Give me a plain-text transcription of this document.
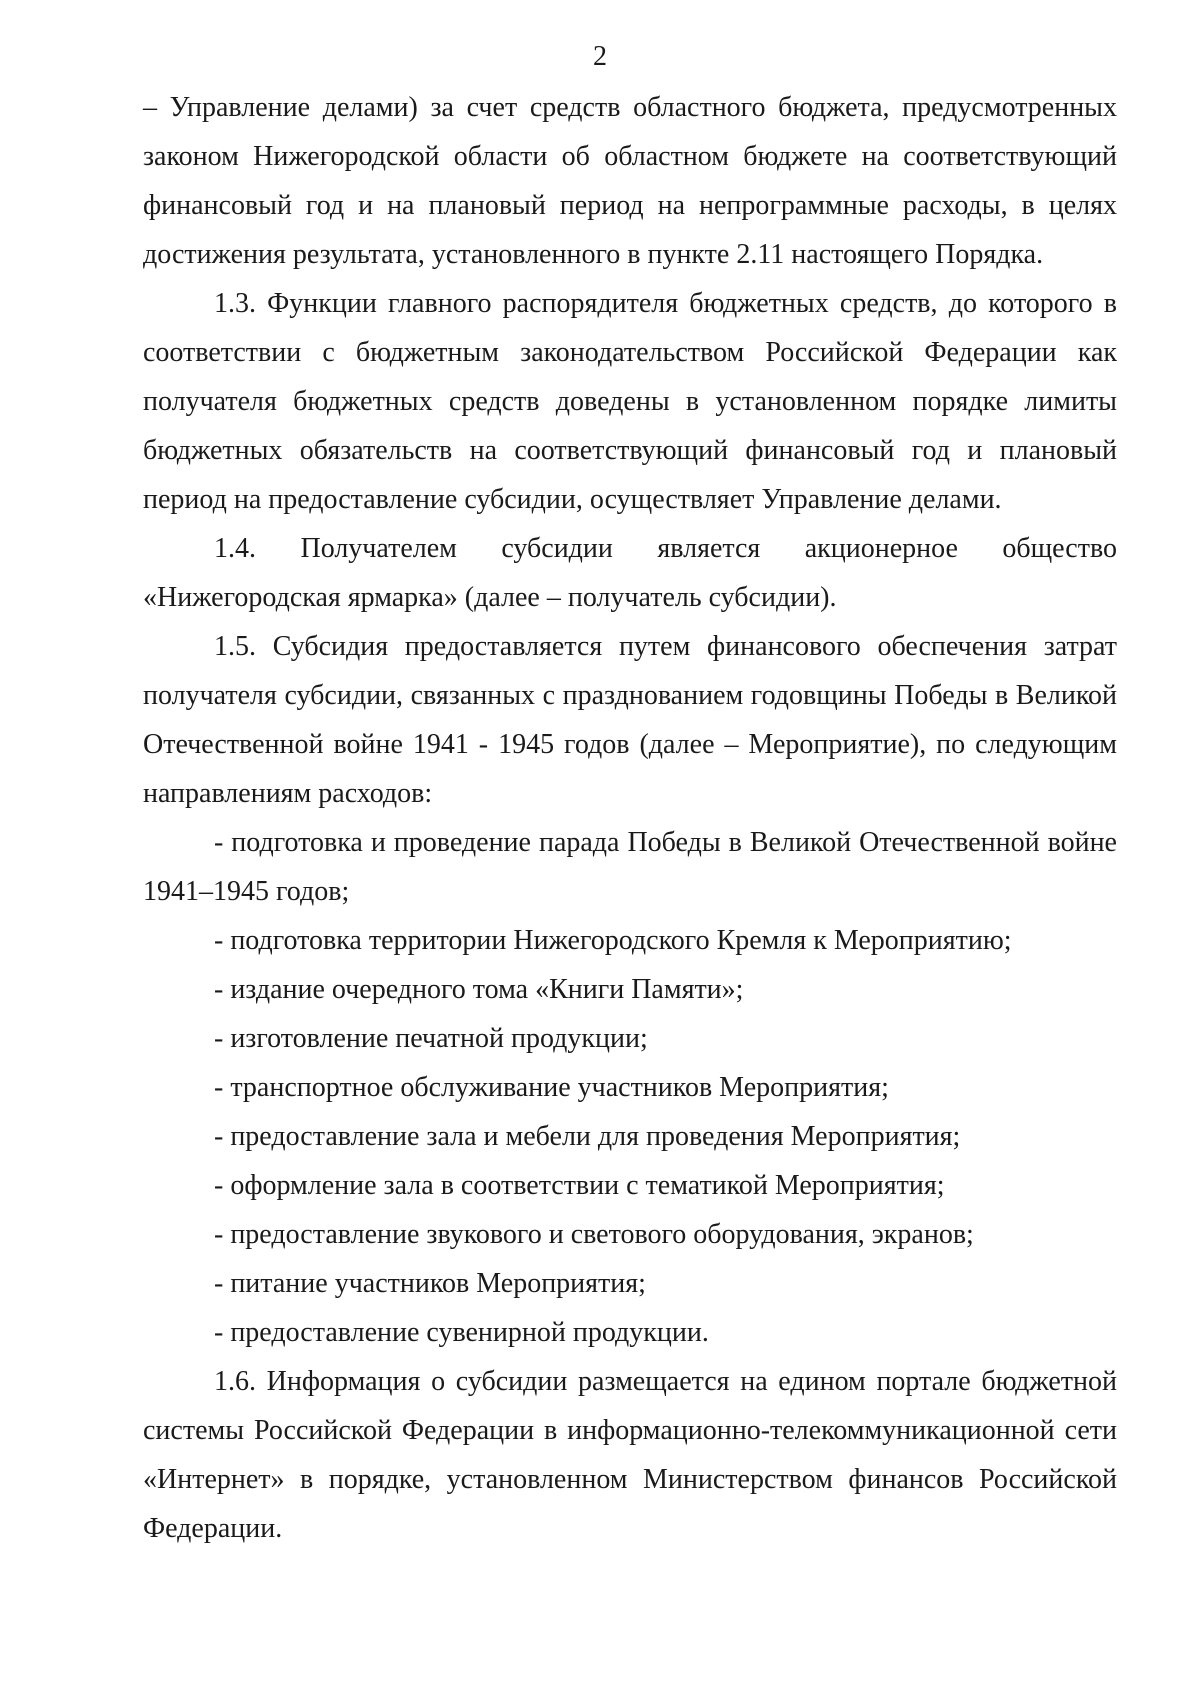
2

– Управление делами) за счет средств областного бюджета, предусмотренных законом Нижегородской области об областном бюджете на соответствующий финансовый год и на плановый период на непрограммные расходы, в целях достижения результата, установленного в пункте 2.11 настоящего Порядка.

1.3. Функции главного распорядителя бюджетных средств, до которого в соответствии с бюджетным законодательством Российской Федерации как получателя бюджетных средств доведены в установленном порядке лимиты бюджетных обязательств на соответствующий финансовый год и плановый период на предоставление субсидии, осуществляет Управление делами.

1.4. Получателем субсидии является акционерное общество «Нижегородская ярмарка» (далее – получатель субсидии).

1.5. Субсидия предоставляется путем финансового обеспечения затрат получателя субсидии, связанных с празднованием годовщины Победы в Великой Отечественной войне 1941 - 1945 годов (далее – Мероприятие), по следующим направлениям расходов:

- подготовка и проведение парада Победы в Великой Отечественной войне 1941–1945 годов;

- подготовка территории Нижегородского Кремля к Мероприятию;

- издание очередного тома «Книги Памяти»;

- изготовление печатной продукции;

- транспортное обслуживание участников Мероприятия;

- предоставление зала и мебели для проведения Мероприятия;

- оформление зала в соответствии с тематикой Мероприятия;

- предоставление звукового и светового оборудования, экранов;

- питание участников Мероприятия;

- предоставление сувенирной продукции.

1.6. Информация о субсидии размещается на едином портале бюджетной системы Российской Федерации в информационно-телекоммуникационной сети «Интернет» в порядке, установленном Министерством финансов Российской Федерации.
